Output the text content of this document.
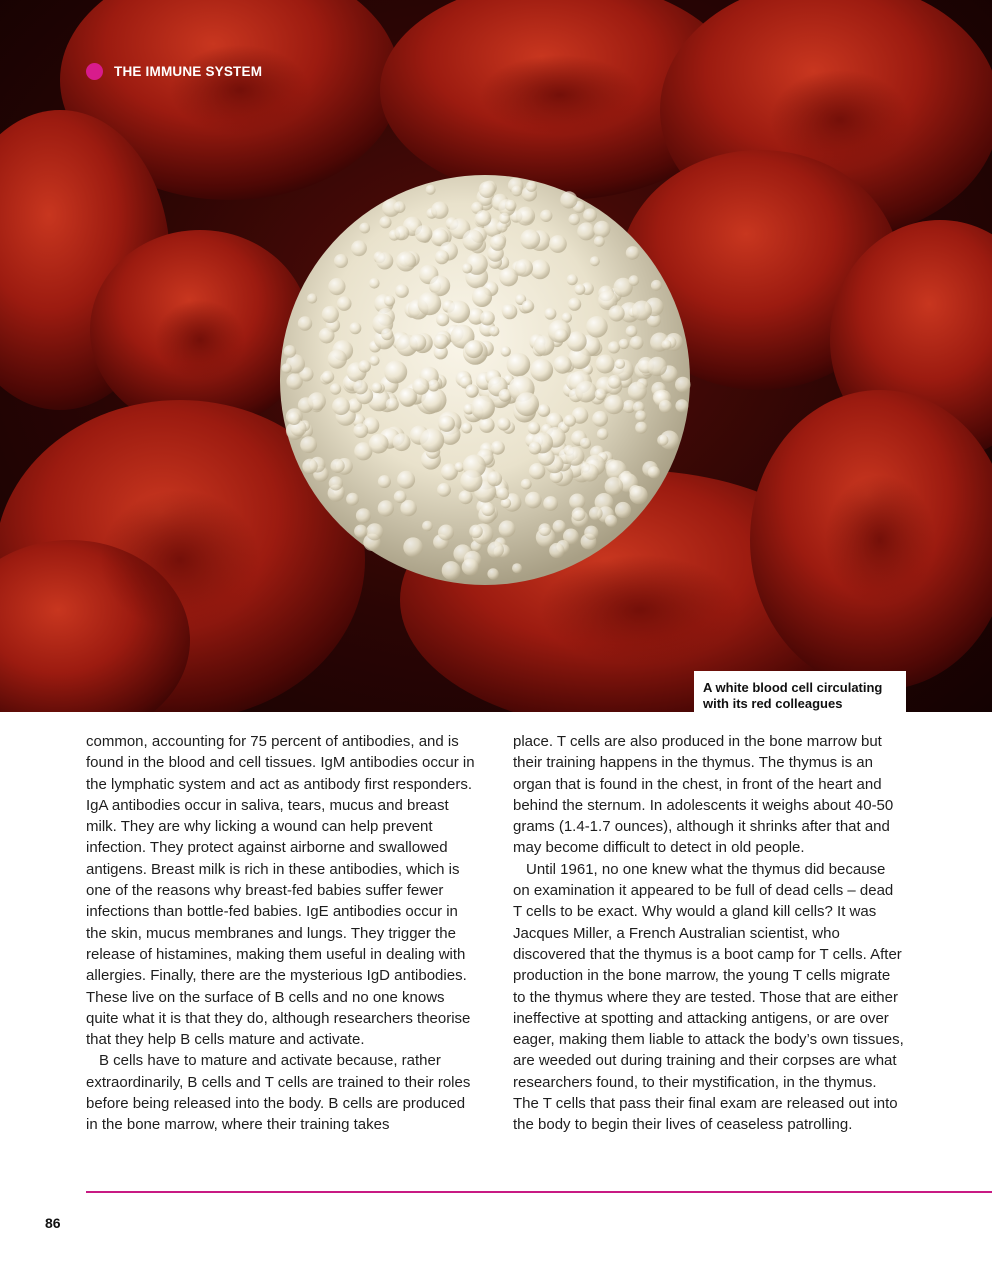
THE IMMUNE SYSTEM
A white blood cell circulating with its red colleagues

common, accounting for 75 percent of antibodies, and is found in the blood and cell tissues. IgM antibodies occur in the lymphatic system and act as antibody first responders. IgA antibodies occur in saliva, tears, mucus and breast milk. They are why licking a wound can help prevent infection. They protect against airborne and swallowed antigens. Breast milk is rich in these antibodies, which is one of the reasons why breast-fed babies suffer fewer infections than bottle-fed babies. IgE antibodies occur in the skin, mucus membranes and lungs. They trigger the release of histamines, making them useful in dealing with allergies. Finally, there are the mysterious IgD antibodies. These live on the surface of B cells and no one knows quite what it is that they do, although researchers theorise that they help B cells mature and activate.

B cells have to mature and activate because, rather extraordinarily, B cells and T cells are trained to their roles before being released into the body. B cells are produced in the bone marrow, where their training takes

place. T cells are also produced in the bone marrow but their training happens in the thymus. The thymus is an organ that is found in the chest, in front of the heart and behind the sternum. In adolescents it weighs about 40-50 grams (1.4-1.7 ounces), although it shrinks after that and may become difficult to detect in old people.

Until 1961, no one knew what the thymus did because on examination it appeared to be full of dead cells – dead T cells to be exact. Why would a gland kill cells? It was Jacques Miller, a French Australian scientist, who discovered that the thymus is a boot camp for T cells. After production in the bone marrow, the young T cells migrate to the thymus where they are tested. Those that are either ineffective at spotting and attacking antigens, or are over eager, making them liable to attack the body’s own tissues, are weeded out during training and their corpses are what researchers found, to their mystification, in the thymus. The T cells that pass their final exam are released out into the body to begin their lives of ceaseless patrolling.

86
